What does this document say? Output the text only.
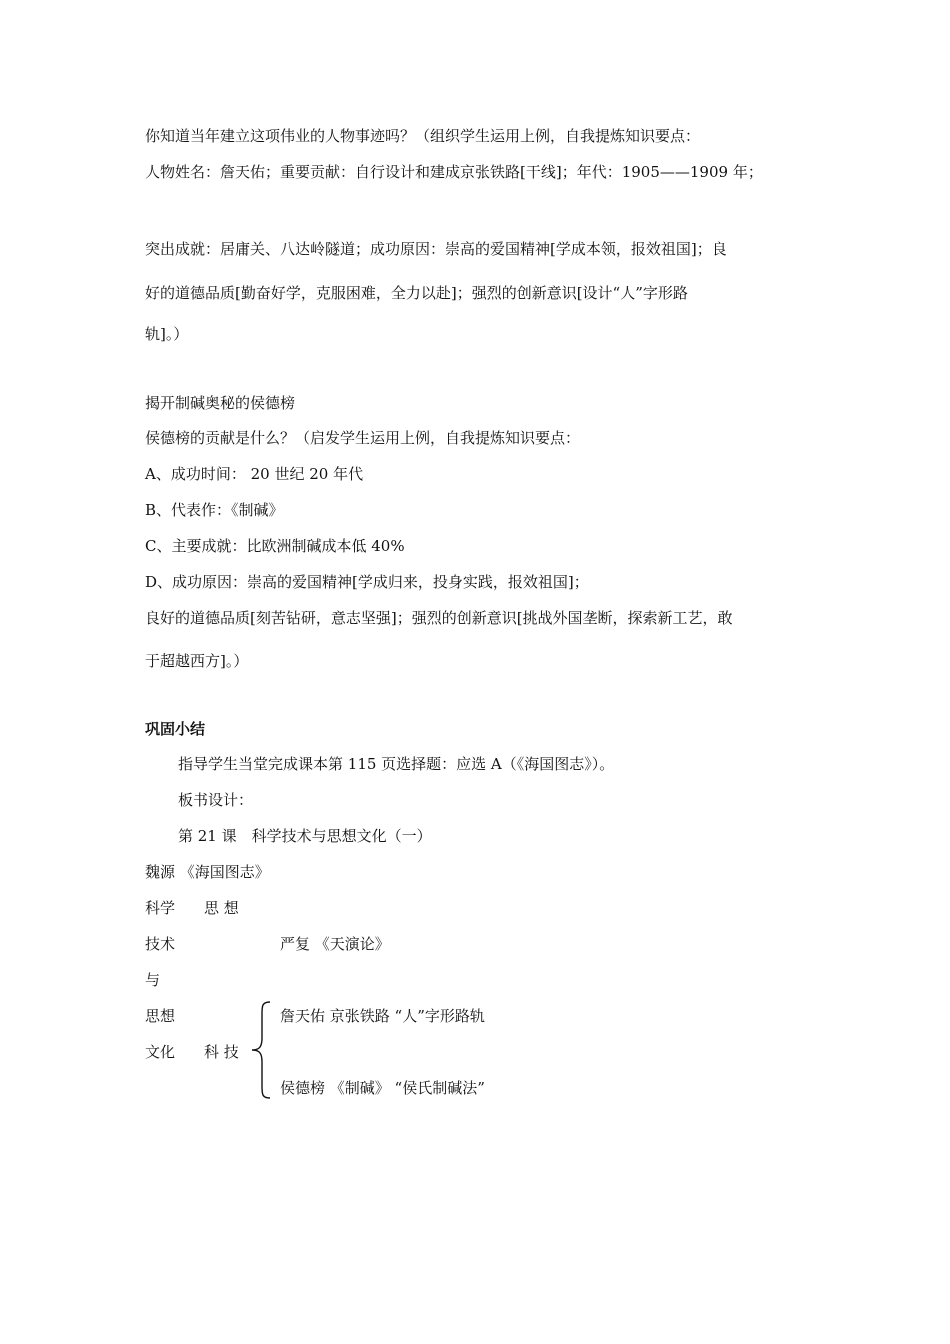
你知道当年建立这项伟业的人物事迹吗？（组织学生运用上例，自我提炼知识要点：
人物姓名：詹天佑；重要贡献：自行设计和建成京张铁路[干线]；年代：1905——1909 年；
突出成就：居庸关、八达岭隧道；成功原因：崇高的爱国精神[学成本领，报效祖国]；良
好的道德品质[勤奋好学，克服困难，全力以赴]；强烈的创新意识[设计“人”字形路
轨]。）
揭开制碱奥秘的侯德榜
侯德榜的贡献是什么？（启发学生运用上例，自我提炼知识要点：
A、成功时间： 20 世纪 20 年代
B、代表作：《制碱》
C、主要成就：比欧洲制碱成本低 40%
D、成功原因：崇高的爱国精神[学成归来，投身实践，报效祖国]；
良好的道德品质[刻苦钻研，意志坚强]；强烈的创新意识[挑战外国垄断，探索新工艺，敢
于超越西方]。）
巩固小结
指导学生当堂完成课本第 115 页选择题：应选 A（《海国图志》）。
板书设计：
第 21 课　科学技术与思想文化（一）
魏源 《海国图志》
科学 思 想
技术	严复 《天演论》
与
思想	詹天佑 京张铁路 “人”字形路轨
文化 科 技
侯德榜 《制碱》 “侯氏制碱法”
